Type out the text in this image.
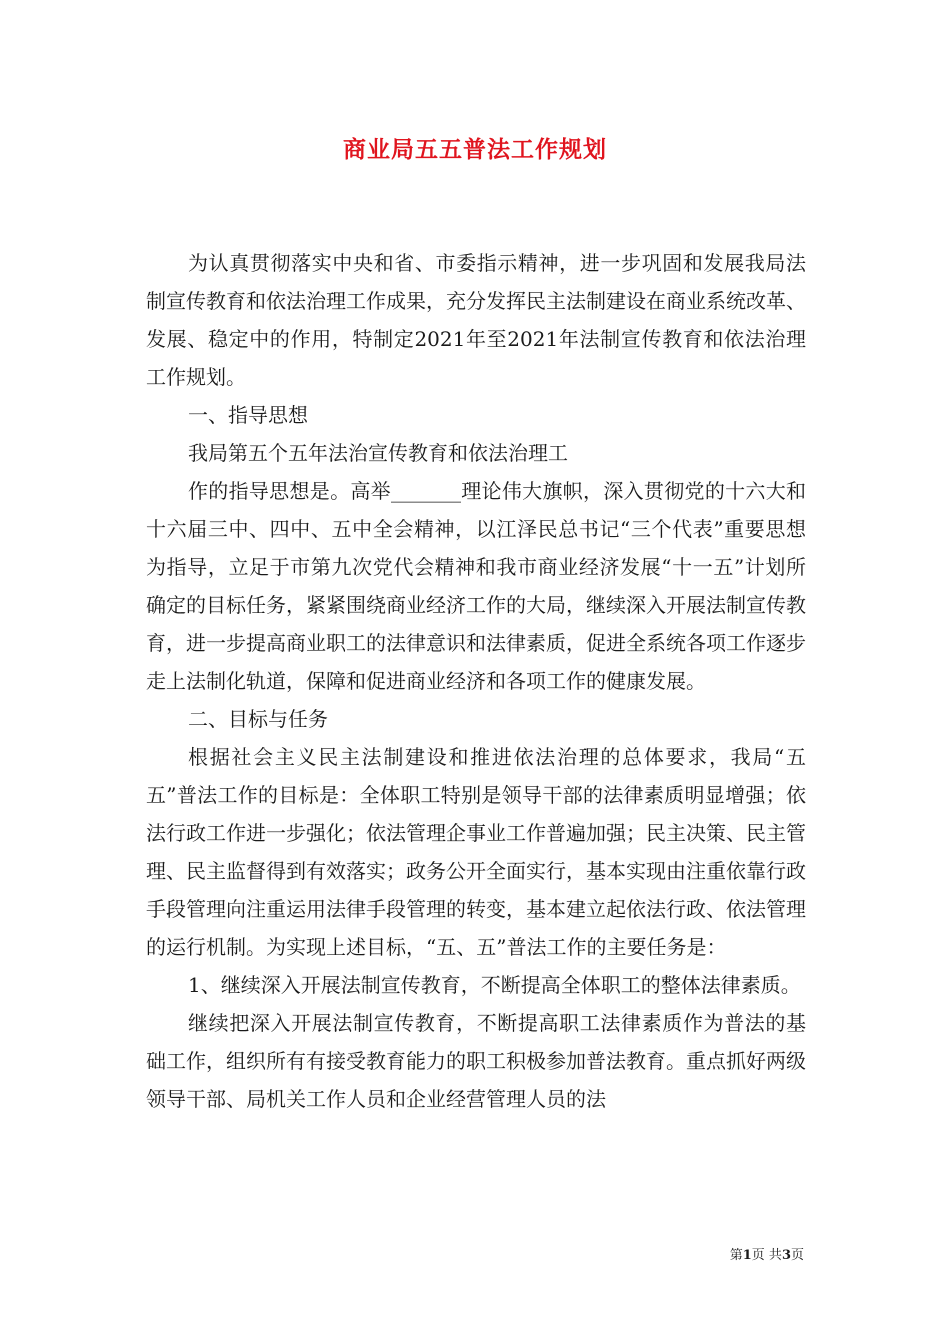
商业局五五普法工作规划

为认真贯彻落实中央和省、市委指示精神，进一步巩固和发展我局法制宣传教育和依法治理工作成果，充分发挥民主法制建设在商业系统改革、发展、稳定中的作用，特制定2021年至2021年法制宣传教育和依法治理工作规划。

一、指导思想

我局第五个五年法治宣传教育和依法治理工

作的指导思想是。高举_______理论伟大旗帜，深入贯彻党的十六大和十六届三中、四中、五中全会精神，以江泽民总书记“三个代表”重要思想为指导，立足于市第九次党代会精神和我市商业经济发展“十一五”计划所确定的目标任务，紧紧围绕商业经济工作的大局，继续深入开展法制宣传教育，进一步提高商业职工的法律意识和法律素质，促进全系统各项工作逐步走上法制化轨道，保障和促进商业经济和各项工作的健康发展。

二、目标与任务

根据社会主义民主法制建设和推进依法治理的总体要求，我局“五五”普法工作的目标是：全体职工特别是领导干部的法律素质明显增强；依法行政工作进一步强化；依法管理企事业工作普遍加强；民主决策、民主管理、民主监督得到有效落实；政务公开全面实行，基本实现由注重依靠行政手段管理向注重运用法律手段管理的转变，基本建立起依法行政、依法管理的运行机制。为实现上述目标，“五、五”普法工作的主要任务是：

1、继续深入开展法制宣传教育，不断提高全体职工的整体法律素质。

继续把深入开展法制宣传教育，不断提高职工法律素质作为普法的基础工作，组织所有有接受教育能力的职工积极参加普法教育。重点抓好两级领导干部、局机关工作人员和企业经营管理人员的法

第1页 共3页
